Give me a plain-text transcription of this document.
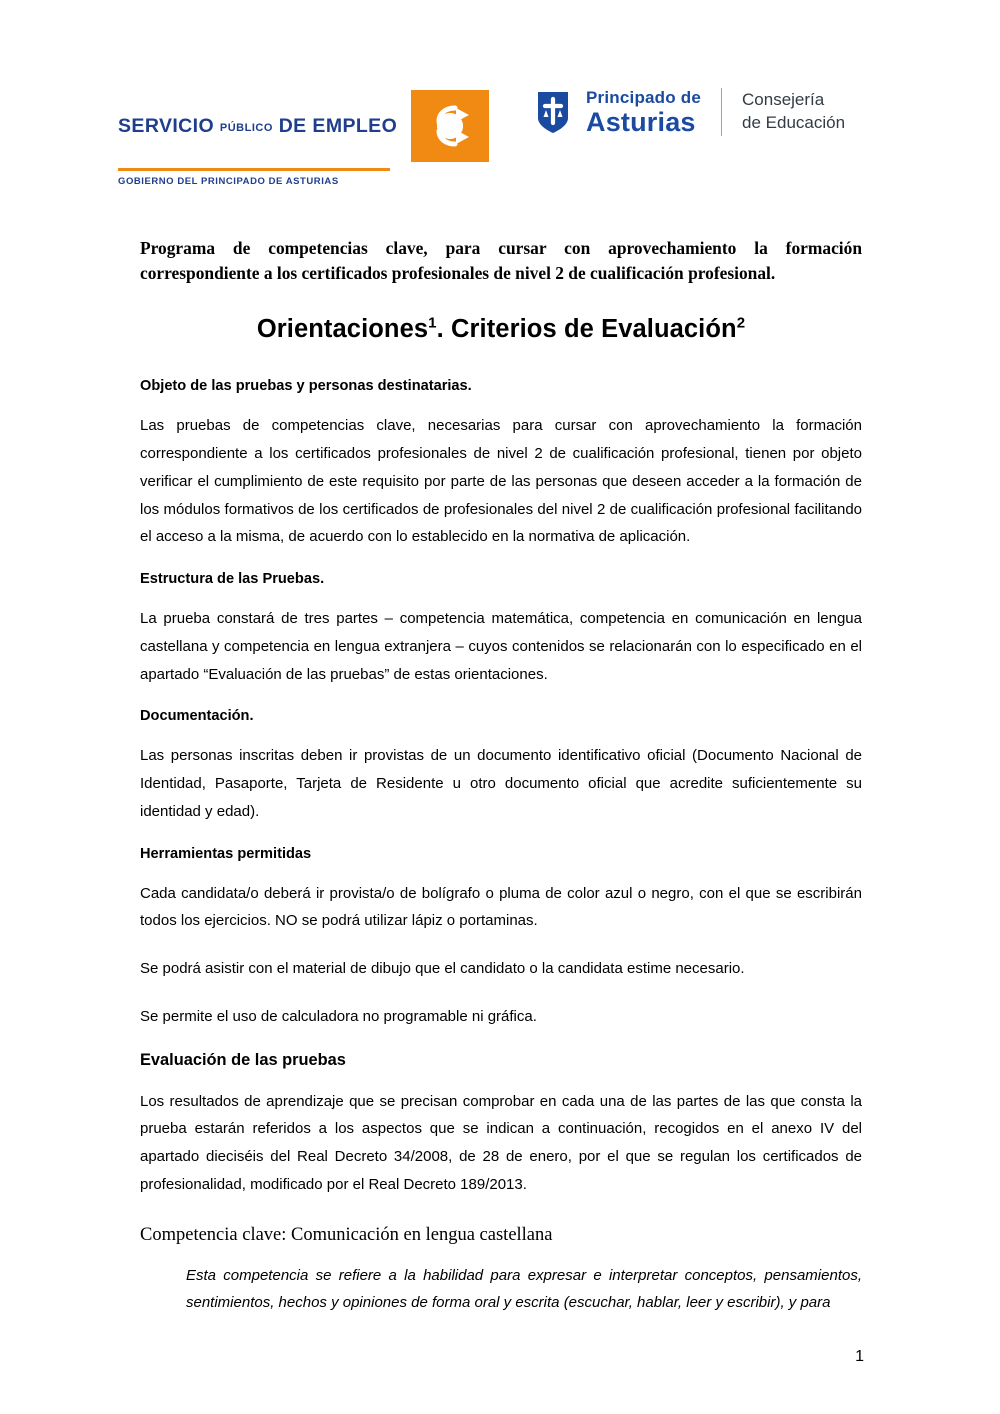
SERVICIO PÚBLICO DE EMPLEO
GOBIERNO DEL PRINCIPADO DE ASTURIAS
Principado de
Asturias
Consejería
de Educación

Programa de competencias clave, para cursar con aprovechamiento la formación correspondiente a los certificados profesionales de nivel 2 de cualificación profesional.

Orientaciones$^1$. Criterios de Evaluación$^2$

Objeto de las pruebas y personas destinatarias.

Las pruebas de competencias clave, necesarias para cursar con aprovechamiento la formación correspondiente a los certificados profesionales de nivel 2 de cualificación profesional, tienen por objeto verificar el cumplimiento de este requisito por parte de las personas que deseen acceder a la formación de los módulos formativos de los certificados de profesionales del nivel 2 de cualificación profesional facilitando el acceso a la misma, de acuerdo con lo establecido en la normativa de aplicación.

Estructura de las Pruebas.

La prueba constará de tres partes – competencia matemática, competencia en comunicación en lengua castellana y competencia en lengua extranjera – cuyos contenidos se relacionarán con lo especificado en el apartado “Evaluación de las pruebas” de estas orientaciones.

Documentación.

Las personas inscritas deben ir provistas de un documento identificativo oficial (Documento Nacional de Identidad, Pasaporte, Tarjeta de Residente u otro documento oficial que acredite suficientemente su identidad y edad).

Herramientas permitidas

Cada candidata/o deberá ir provista/o de bolígrafo o pluma de color azul o negro, con el que se escribirán todos los ejercicios. NO se podrá utilizar lápiz o portaminas.

Se podrá asistir con el material de dibujo que el candidato o la candidata estime necesario.

Se permite el uso de calculadora no programable ni gráfica.

Evaluación de las pruebas

Los resultados de aprendizaje que se precisan comprobar en cada una de las partes de las que consta la prueba estarán referidos a los aspectos que se indican a continuación, recogidos en el anexo IV del apartado dieciséis del Real Decreto 34/2008, de 28 de enero, por el que se regulan los certificados de profesionalidad, modificado por el Real Decreto 189/2013.

Competencia clave: Comunicación en lengua castellana

Esta competencia se refiere a la habilidad para expresar e interpretar conceptos, pensamientos, sentimientos, hechos y opiniones de forma oral y escrita (escuchar, hablar, leer y escribir), y para

1
